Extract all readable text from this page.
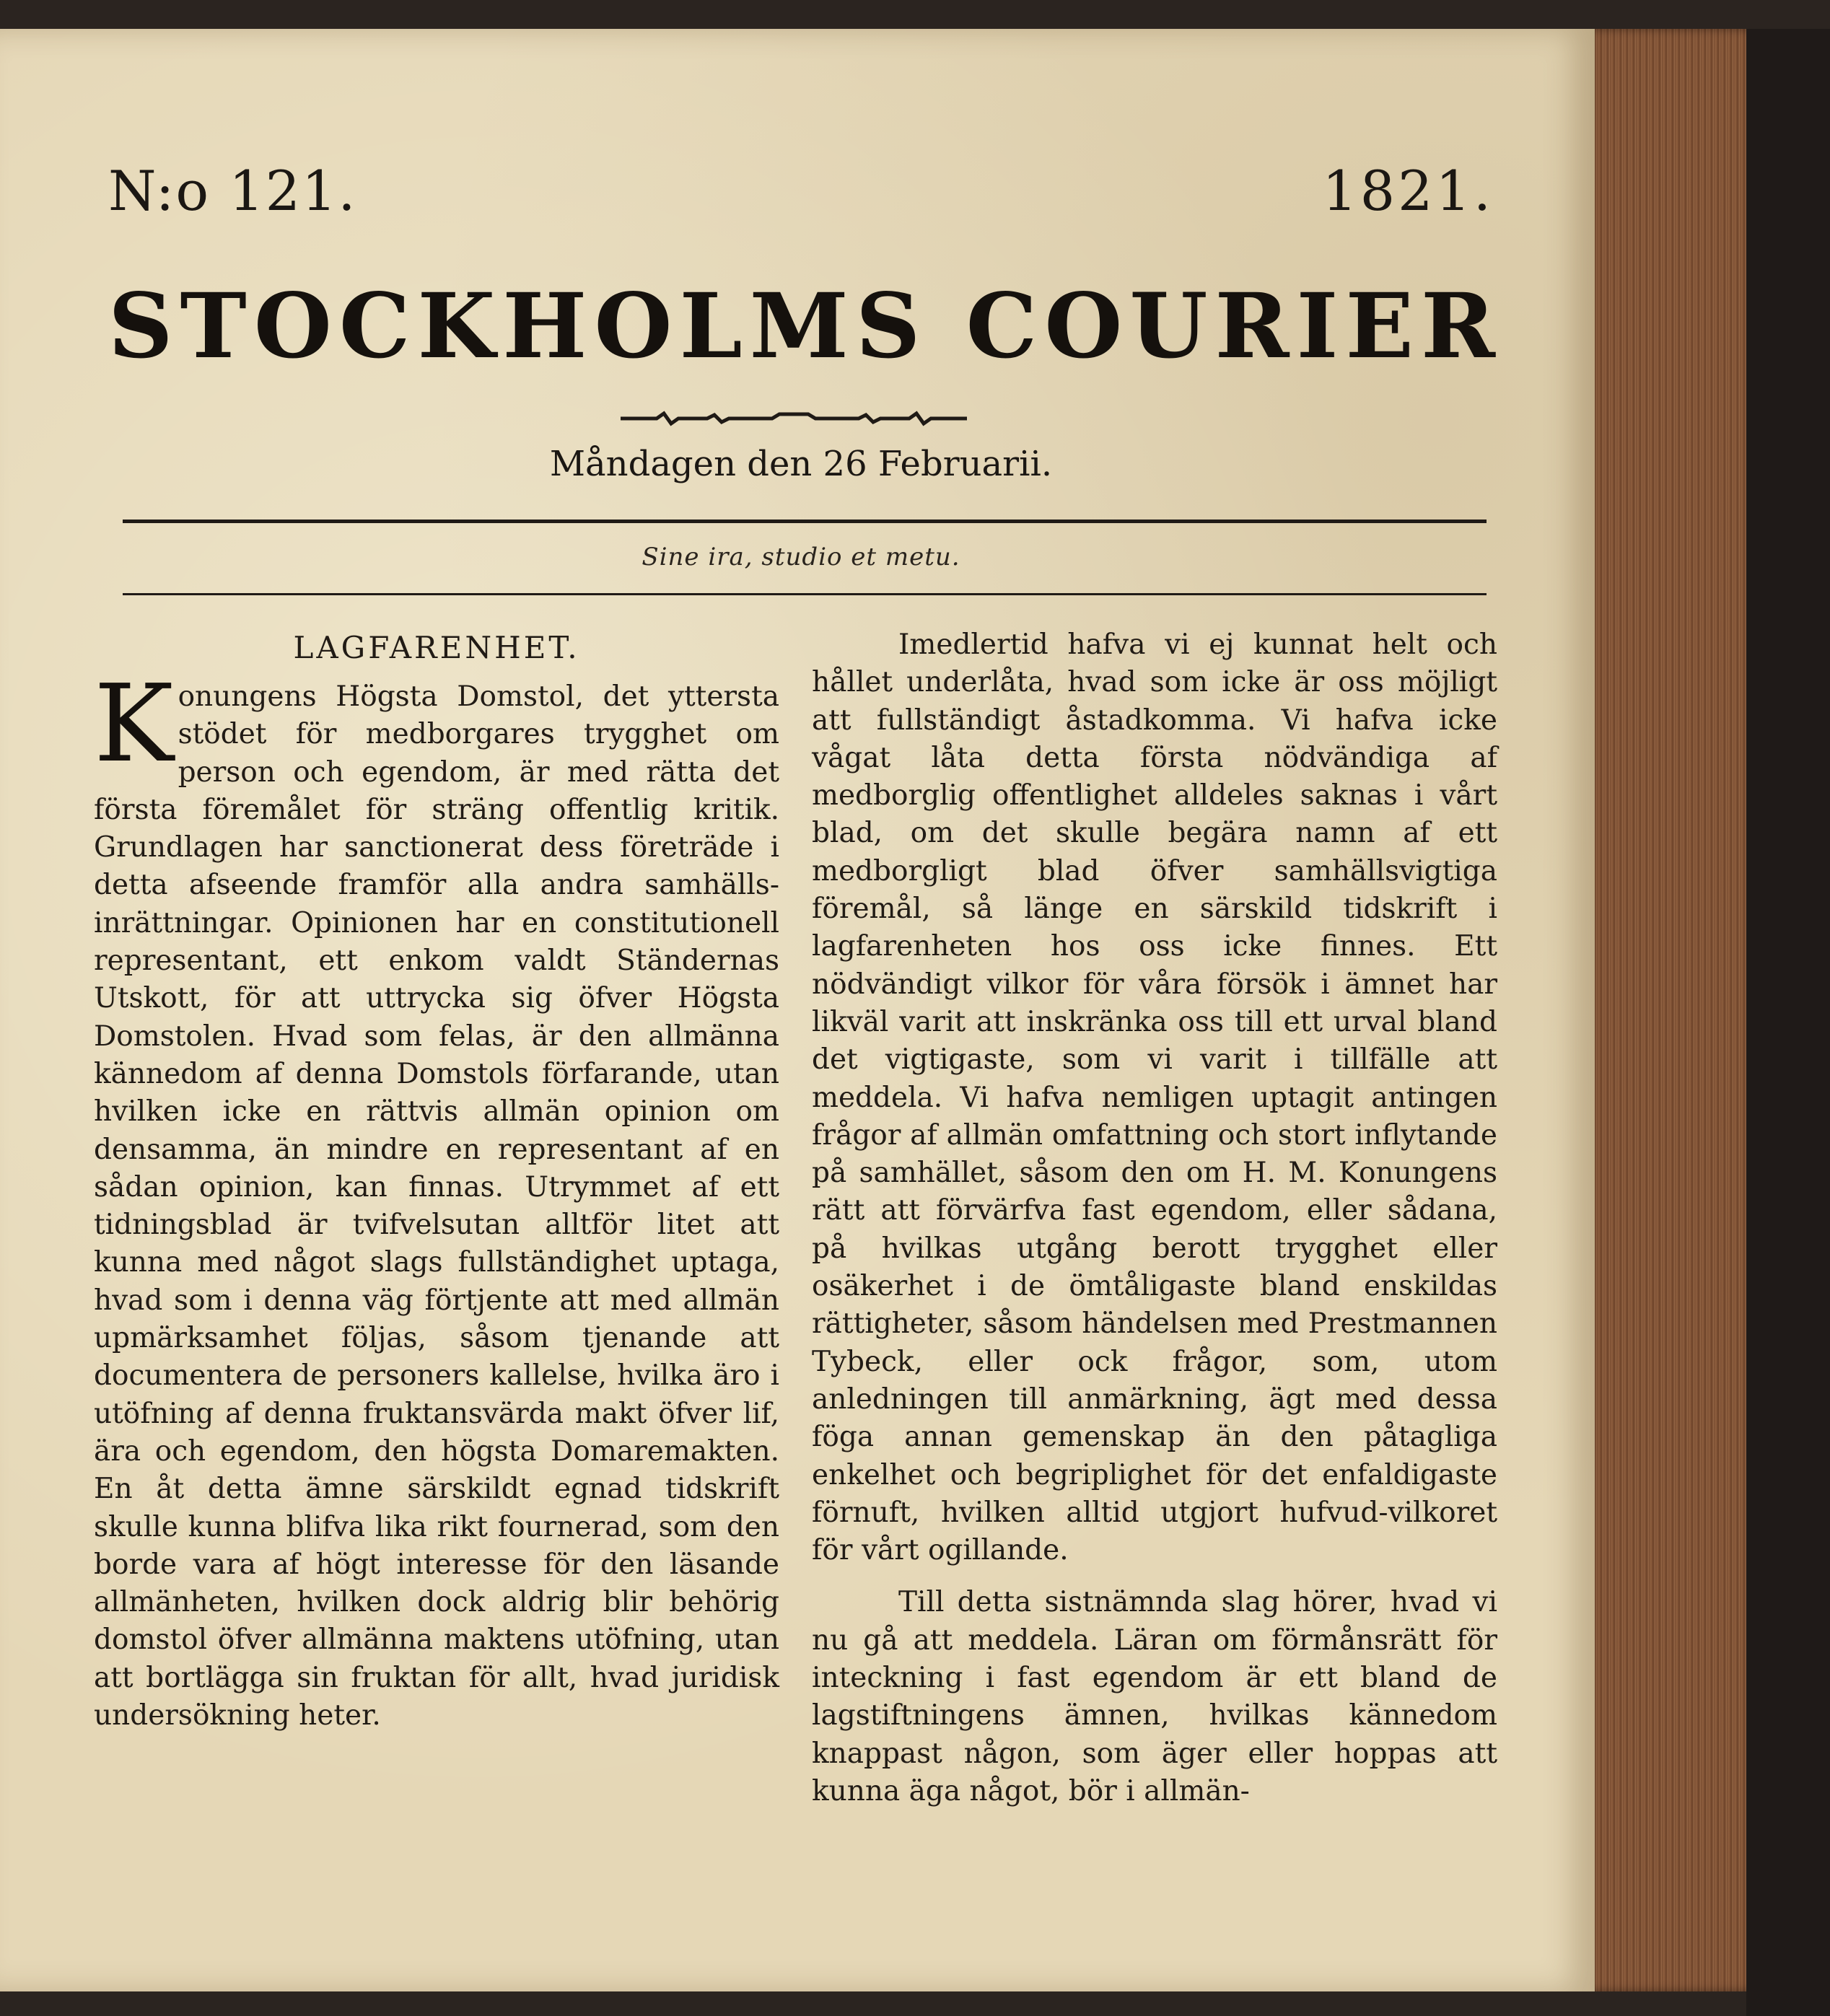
N:o 121.	1821.
STOCKHOLMS COURIER
Måndagen den 26 Februarii.
Sine ira, studio et metu.
LAGFARENHET.

Konungens Högsta Domstol, det yttersta stödet för medborgares trygghet om person och egendom, är med rätta det första föremålet för sträng offentlig kritik. Grundlagen har sanctionerat dess företräde i detta afseende framför alla andra samhälls-inrättningar. Opinionen har en constitutionell representant, ett enkom valdt Ständernas Utskott, för att uttrycka sig öfver Högsta Domstolen. Hvad som felas, är den allmänna kännedom af denna Domstols förfarande, utan hvilken icke en rättvis allmän opinion om densamma, än mindre en representant af en sådan opinion, kan finnas. Utrymmet af ett tidningsblad är tvifvelsutan alltför litet att kunna med något slags fullständighet uptaga, hvad som i denna väg förtjente att med allmän upmärksamhet följas, såsom tjenande att documentera de personers kallelse, hvilka äro i utöfning af denna fruktansvärda makt öfver lif, ära och egendom, den högsta Domaremakten. En åt detta ämne särskildt egnad tidskrift skulle kunna blifva lika rikt fournerad, som den borde vara af högt interesse för den läsande allmänheten, hvilken dock aldrig blir behörig domstol öfver allmänna maktens utöfning, utan att bortlägga sin fruktan för allt, hvad juridisk undersökning heter.

Imedlertid hafva vi ej kunnat helt och hållet underlåta, hvad som icke är oss möjligt att fullständigt åstadkomma. Vi hafva icke vågat låta detta första nödvändiga af medborglig offentlighet alldeles saknas i vårt blad, om det skulle begära namn af ett medborgligt blad öfver samhällsvigtiga föremål, så länge en särskild tidskrift i lagfarenheten hos oss icke finnes. Ett nödvändigt vilkor för våra försök i ämnet har likväl varit att inskränka oss till ett urval bland det vigtigaste, som vi varit i tillfälle att meddela. Vi hafva nemligen uptagit antingen frågor af allmän omfattning och stort inflytande på samhället, såsom den om H. M. Konungens rätt att förvärfva fast egendom, eller sådana, på hvilkas utgång berott trygghet eller osäkerhet i de ömtåligaste bland enskildas rättigheter, såsom händelsen med Prestmannen Tybeck, eller ock frågor, som, utom anledningen till anmärkning, ägt med dessa föga annan gemenskap än den påtagliga enkelhet och begriplighet för det enfaldigaste förnuft, hvilken alltid utgjort hufvud-vilkoret för vårt ogillande.

Till detta sistnämnda slag hörer, hvad vi nu gå att meddela. Läran om förmånsrätt för inteckning i fast egendom är ett bland de lagstiftningens ämnen, hvilkas kännedom knappast någon, som äger eller hoppas att kunna äga något, bör i allmän-
